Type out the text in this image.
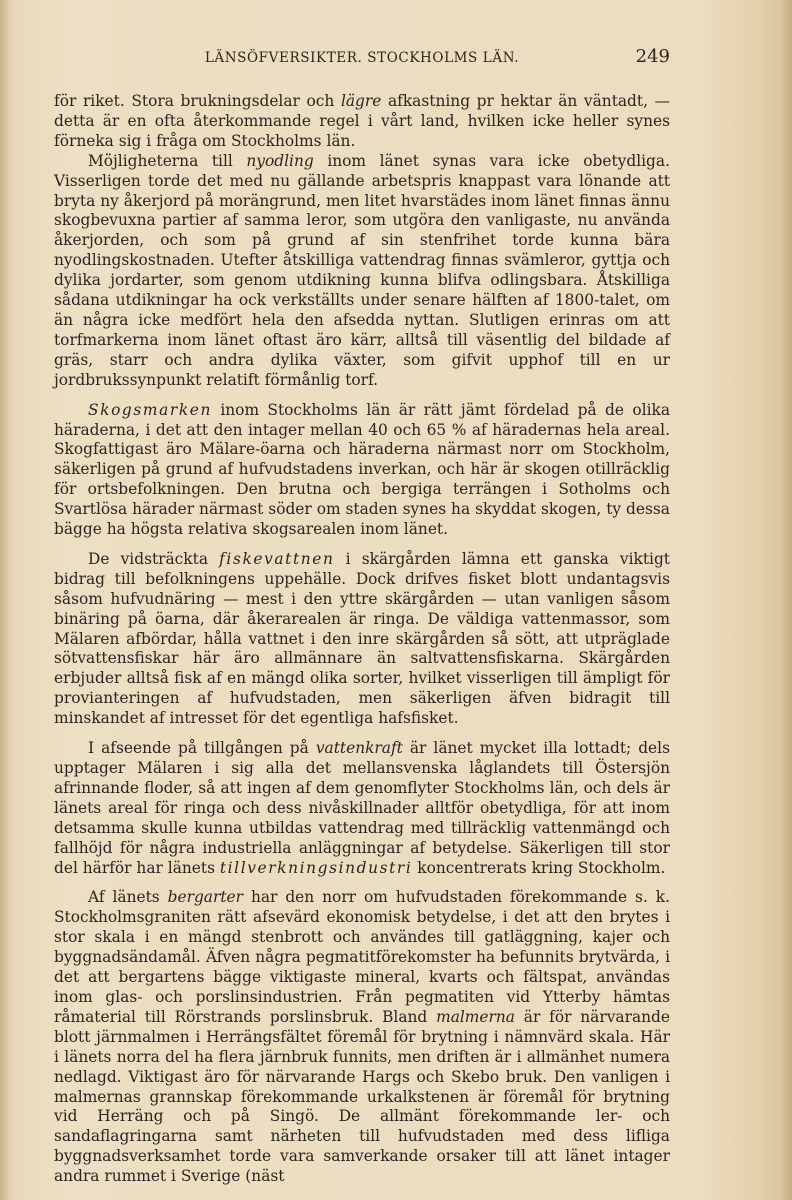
LÄNSÖFVERSIKTER. STOCKHOLMS LÄN.	249

för riket. Stora brukningsdelar och lägre afkastning pr hektar än väntadt, — detta är en ofta återkommande regel i vårt land, hvilken icke heller synes förneka sig i fråga om Stockholms län.

Möjligheterna till nyodling inom länet synas vara icke obetydliga. Visserligen torde det med nu gällande arbetspris knappast vara lönande att bryta ny åkerjord på morängrund, men litet hvarstädes inom länet finnas ännu skogbevuxna partier af samma leror, som utgöra den vanligaste, nu använda åkerjorden, och som på grund af sin stenfrihet torde kunna bära nyodlingskostnaden. Utefter åtskilliga vattendrag finnas svämleror, gyttja och dylika jordarter, som genom utdikning kunna blifva odlingsbara. Åtskilliga sådana utdikningar ha ock verkställts under senare hälften af 1800-talet, om än några icke medfört hela den afsedda nyttan. Slutligen erinras om att torfmarkerna inom länet oftast äro kärr, alltså till väsentlig del bildade af gräs, starr och andra dylika växter, som gifvit upphof till en ur jordbrukssynpunkt relatift förmånlig torf.

Skogsmarken inom Stockholms län är rätt jämt fördelad på de olika häraderna, i det att den intager mellan 40 och 65 % af häradernas hela areal. Skogfattigast äro Mälare-öarna och häraderna närmast norr om Stockholm, säkerligen på grund af hufvudstadens inverkan, och här är skogen otillräcklig för ortsbefolkningen. Den brutna och bergiga terrängen i Sotholms och Svartlösa härader närmast söder om staden synes ha skyddat skogen, ty dessa bägge ha högsta relativa skogsarealen inom länet.

De vidsträckta fiskevattnen i skärgården lämna ett ganska viktigt bidrag till befolkningens uppehälle. Dock drifves fisket blott undantagsvis såsom hufvudnäring — mest i den yttre skärgården — utan vanligen såsom binäring på öarna, där åkerarealen är ringa. De väldiga vattenmassor, som Mälaren afbördar, hålla vattnet i den inre skärgården så sött, att utpräglade sötvattensfiskar här äro allmännare än saltvattensfiskarna. Skärgården erbjuder alltså fisk af en mängd olika sorter, hvilket visserligen till ämpligt för provianteringen af hufvudstaden, men säkerligen äfven bidragit till minskandet af intresset för det egentliga hafsfisket.

I afseende på tillgången på vattenkraft är länet mycket illa lottadt; dels upptager Mälaren i sig alla det mellansvenska låglandets till Östersjön afrinnande floder, så att ingen af dem genomflyter Stockholms län, och dels är länets areal för ringa och dess nivåskillnader alltför obetydliga, för att inom detsamma skulle kunna utbildas vattendrag med tillräcklig vattenmängd och fallhöjd för några industriella anläggningar af betydelse. Säkerligen till stor del härför har länets tillverkningsindustri koncentrerats kring Stockholm.

Af länets bergarter har den norr om hufvudstaden förekommande s. k. Stockholmsgraniten rätt afsevärd ekonomisk betydelse, i det att den brytes i stor skala i en mängd stenbrott och användes till gatläggning, kajer och byggnadsändamål. Äfven några pegmatitförekomster ha befunnits brytvärda, i det att bergartens bägge viktigaste mineral, kvarts och fältspat, användas inom glas- och porslinsindustrien. Från pegmatiten vid Ytterby hämtas råmaterial till Rörstrands porslinsbruk. Bland malmerna är för närvarande blott järnmalmen i Herrängsfältet föremål för brytning i nämnvärd skala. Här i länets norra del ha flera järnbruk funnits, men driften är i allmänhet numera nedlagd. Viktigast äro för närvarande Hargs och Skebo bruk. Den vanligen i malmernas grannskap förekommande urkalkstenen är föremål för brytning vid Herräng och på Singö. De allmänt förekommande ler- och sandaflagringarna samt närheten till hufvudstaden med dess lifliga byggnadsverksamhet torde vara samverkande orsaker till att länet intager andra rummet i Sverige (näst
